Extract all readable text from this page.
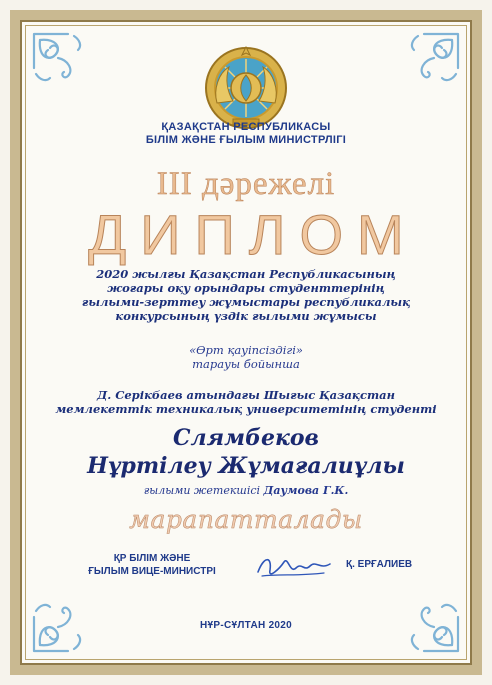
ҚАЗАҚСТАН РЕСПУБЛИКАСЫ
БІЛІМ ЖӘНЕ ҒЫЛЫМ МИНИСТРЛІГІ

III дәрежелі

ДИПЛОМ

2020 жылғы Қазақстан Республикасының
жоғары оқу орындары студенттерінің
ғылыми-зерттеу жұмыстары республикалық
конкурсының үздік ғылыми жұмысы

«Өрт қауіпсіздігі»
тарауы бойынша

Д. Серікбаев атындағы Шығыс Қазақстан
мемлекеттік техникалық университетінің студенті

Слямбеков
Нұртілеу Жұмағалиұлы

ғылыми жетекшісі Даумова Г.К.

марапатталады

ҚР БІЛІМ ЖӘНЕ
ҒЫЛЫМ ВИЦЕ-МИНИСТРІ

Қ. ЕРҒАЛИЕВ

НҰР-СҰЛТАН 2020
